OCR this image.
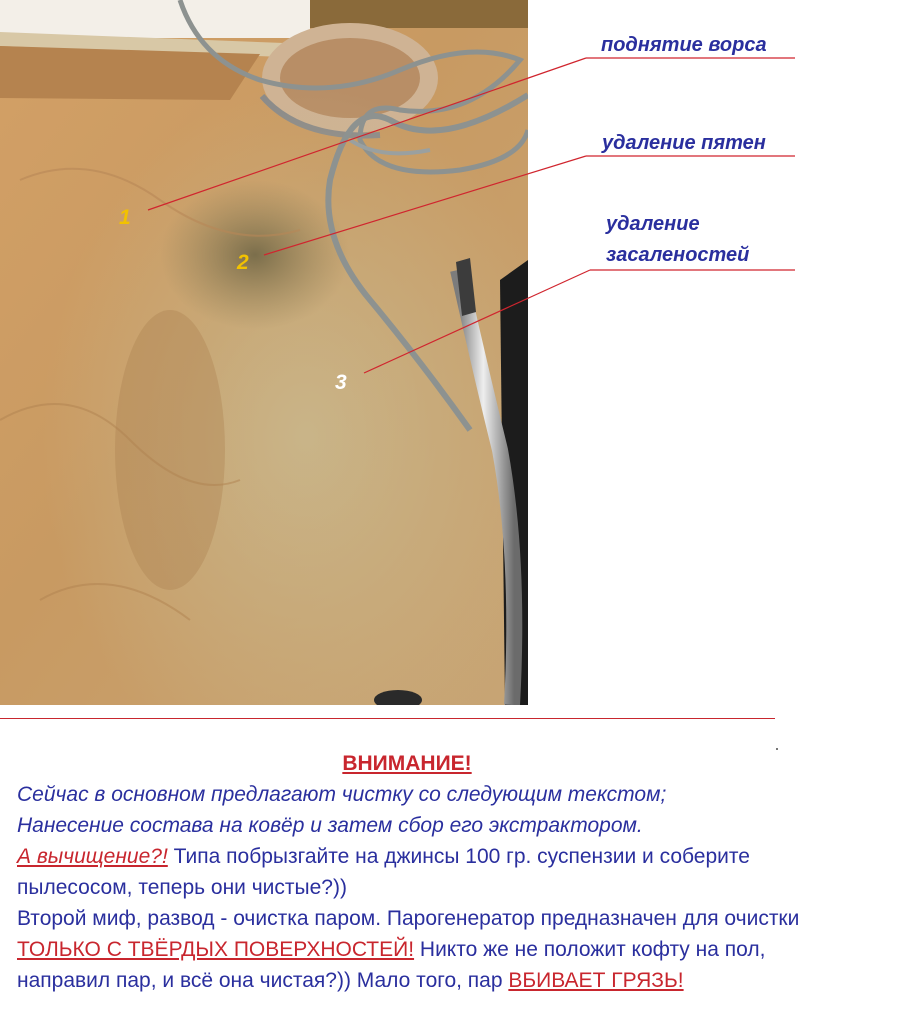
поднятие ворса
удаление пятен
удаление
засаленостей
1
2
3

ВНИМАНИЕ!

Сейчас в основном предлагают чистку со следующим текстом;

Нанесение состава на ковёр и затем сбор его экстрактором.

А вычищение?! Типа побрызгайте на джинсы 100 гр. суспензии и соберите

пылесосом, теперь они чистые?))

Второй миф, развод - очистка паром. Парогенератор предназначен для очистки

ТОЛЬКО С ТВЁРДЫХ ПОВЕРХНОСТЕЙ! Никто же не положит кофту на пол,

направил пар, и всё она чистая?)) Мало того, пар ВБИВАЕТ ГРЯЗЬ!
